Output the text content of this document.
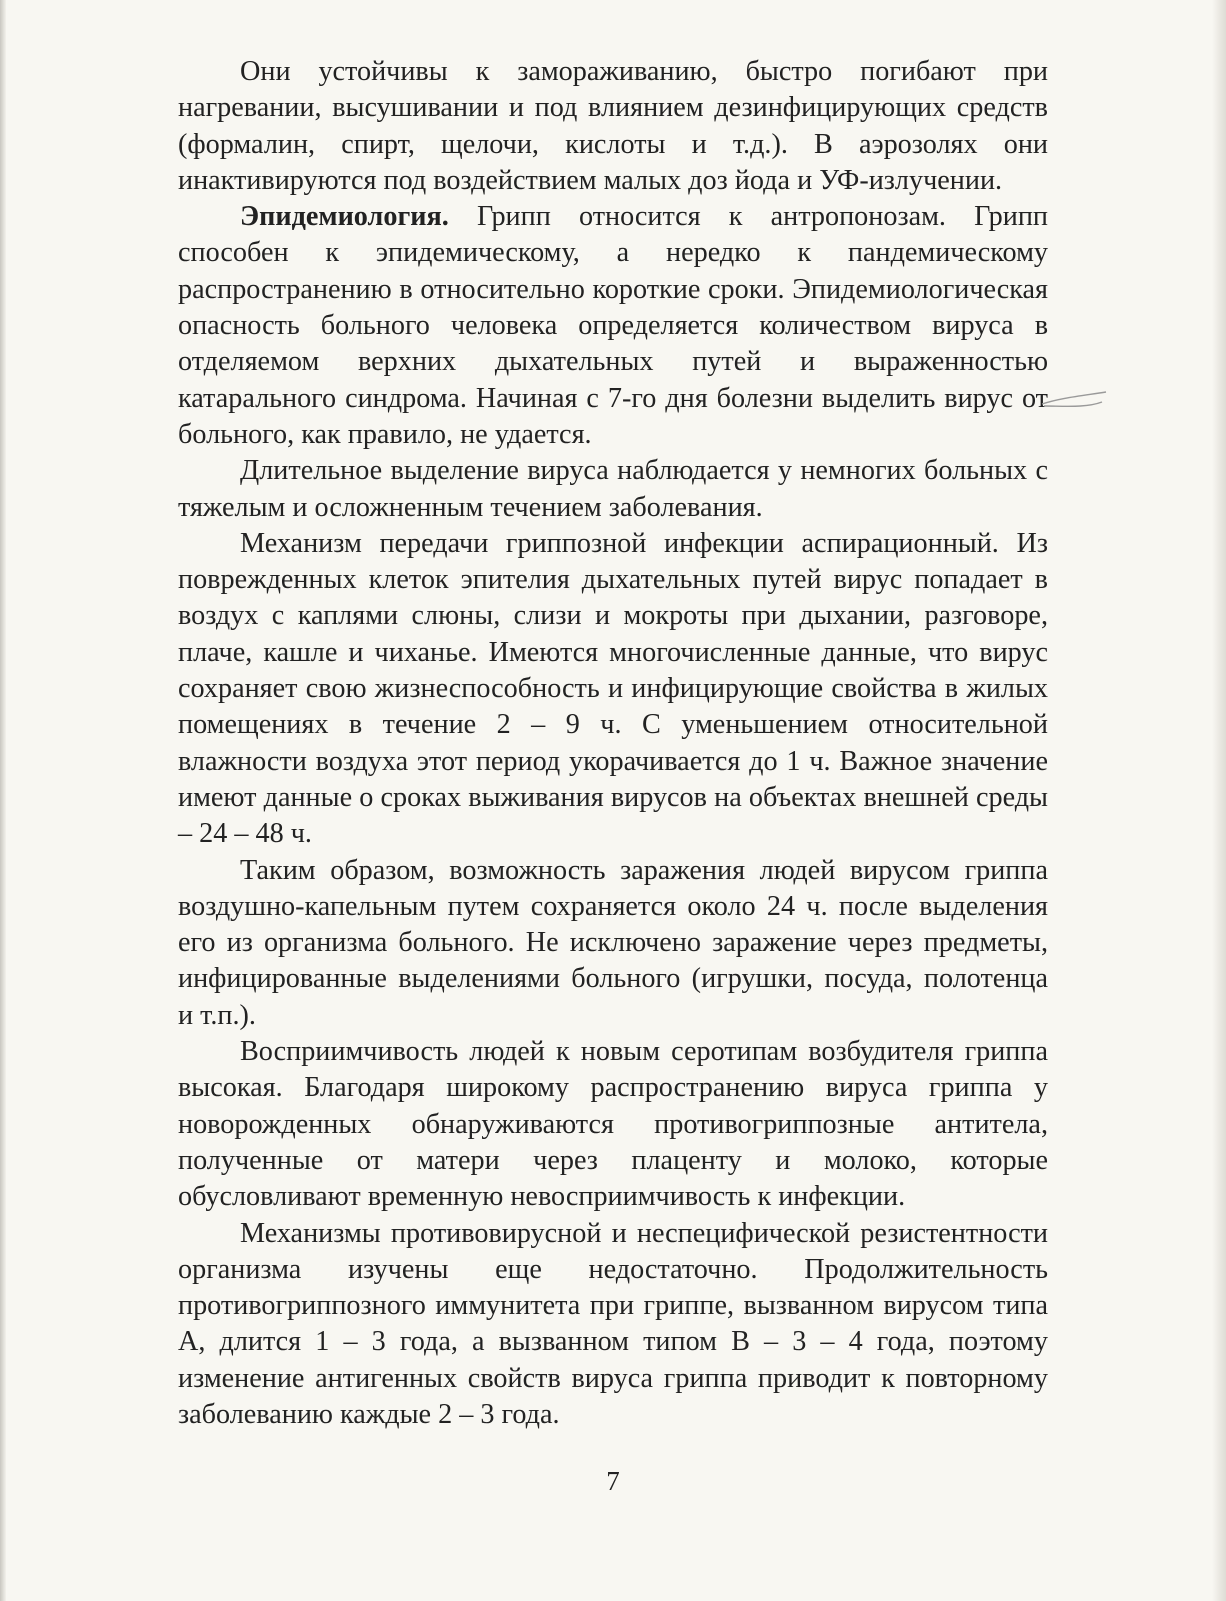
Они устойчивы к замораживанию, быстро погибают при нагревании, высушивании и под влиянием дезинфицирующих средств (формалин, спирт, щелочи, кислоты и т.д.). В аэрозолях они инактивируются под воздействием малых доз йода и УФ-излучении.

Эпидемиология. Грипп относится к антропонозам. Грипп способен к эпидемическому, а нередко к пандемическому распространению в относительно короткие сроки. Эпидемиологическая опасность больного человека определяется количеством вируса в отделяемом верхних дыхательных путей и выраженностью катарального синдрома. Начиная с 7-го дня болезни выделить вирус от больного, как правило, не удается.

Длительное выделение вируса наблюдается у немногих больных с тяжелым и осложненным течением заболевания.

Механизм передачи гриппозной инфекции аспирационный. Из поврежденных клеток эпителия дыхательных путей вирус попадает в воздух с каплями слюны, слизи и мокроты при дыхании, разговоре, плаче, кашле и чиханье. Имеются многочисленные данные, что вирус сохраняет свою жизнеспособность и инфицирующие свойства в жилых помещениях в течение 2 – 9 ч. С уменьшением относительной влажности воздуха этот период укорачивается до 1 ч. Важное значение имеют данные о сроках выживания вирусов на объектах внешней среды – 24 – 48 ч.

Таким образом, возможность заражения людей вирусом гриппа воздушно-капельным путем сохраняется около 24 ч. после выделения его из организма больного. Не исключено заражение через предметы, инфицированные выделениями больного (игрушки, посуда, полотенца и т.п.).

Восприимчивость людей к новым серотипам возбудителя гриппа высокая. Благодаря широкому распространению вируса гриппа у новорожденных обнаруживаются противогриппозные антитела, полученные от матери через плаценту и молоко, которые обусловливают временную невосприимчивость к инфекции.

Механизмы противовирусной и неспецифической резистентности организма изучены еще недостаточно. Продолжительность противогриппозного иммунитета при гриппе, вызванном вирусом типа А, длится 1 – 3 года, а вызванном типом В – 3 – 4 года, поэтому изменение антигенных свойств вируса гриппа приводит к повторному заболеванию каждые 2 – 3 года.

7
